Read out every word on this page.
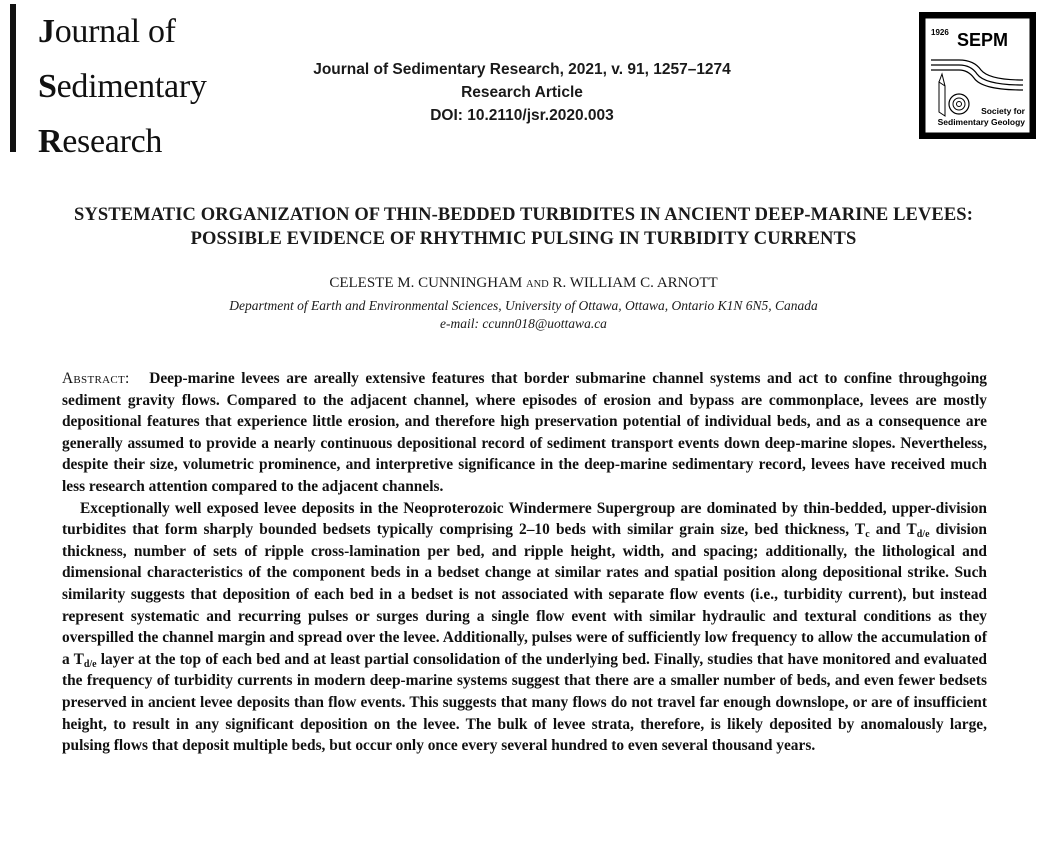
Journal of
Sedimentary
Research
Journal of Sedimentary Research, 2021, v. 91, 1257–1274
Research Article
DOI: 10.2110/jsr.2020.003
1926 SEPM
Society for
Sedimentary Geology
SYSTEMATIC ORGANIZATION OF THIN-BEDDED TURBIDITES IN ANCIENT DEEP-MARINE LEVEES:
POSSIBLE EVIDENCE OF RHYTHMIC PULSING IN TURBIDITY CURRENTS
CELESTE M. CUNNINGHAM AND R. WILLIAM C. ARNOTT
Department of Earth and Environmental Sciences, University of Ottawa, Ottawa, Ontario K1N 6N5, Canada
e-mail: ccunn018@uottawa.ca

Abstract: Deep-marine levees are areally extensive features that border submarine channel systems and act to confine throughgoing sediment gravity flows. Compared to the adjacent channel, where episodes of erosion and bypass are commonplace, levees are mostly depositional features that experience little erosion, and therefore high preservation potential of individual beds, and as a consequence are generally assumed to provide a nearly continuous depositional record of sediment transport events down deep-marine slopes. Nevertheless, despite their size, volumetric prominence, and interpretive significance in the deep-marine sedimentary record, levees have received much less research attention compared to the adjacent channels.

Exceptionally well exposed levee deposits in the Neoproterozoic Windermere Supergroup are dominated by thin-bedded, upper-division turbidites that form sharply bounded bedsets typically comprising 2–10 beds with similar grain size, bed thickness, $T_c$ and $T_{d/e}$ division thickness, number of sets of ripple cross-lamination per bed, and ripple height, width, and spacing; additionally, the lithological and dimensional characteristics of the component beds in a bedset change at similar rates and spatial position along depositional strike. Such similarity suggests that deposition of each bed in a bedset is not associated with separate flow events (i.e., turbidity current), but instead represent systematic and recurring pulses or surges during a single flow event with similar hydraulic and textural conditions as they overspilled the channel margin and spread over the levee. Additionally, pulses were of sufficiently low frequency to allow the accumulation of a $T_{d/e}$ layer at the top of each bed and at least partial consolidation of the underlying bed. Finally, studies that have monitored and evaluated the frequency of turbidity currents in modern deep-marine systems suggest that there are a smaller number of beds, and even fewer bedsets preserved in ancient levee deposits than flow events. This suggests that many flows do not travel far enough downslope, or are of insufficient height, to result in any significant deposition on the levee. The bulk of levee strata, therefore, is likely deposited by anomalously large, pulsing flows that deposit multiple beds, but occur only once every several hundred to even several thousand years.
